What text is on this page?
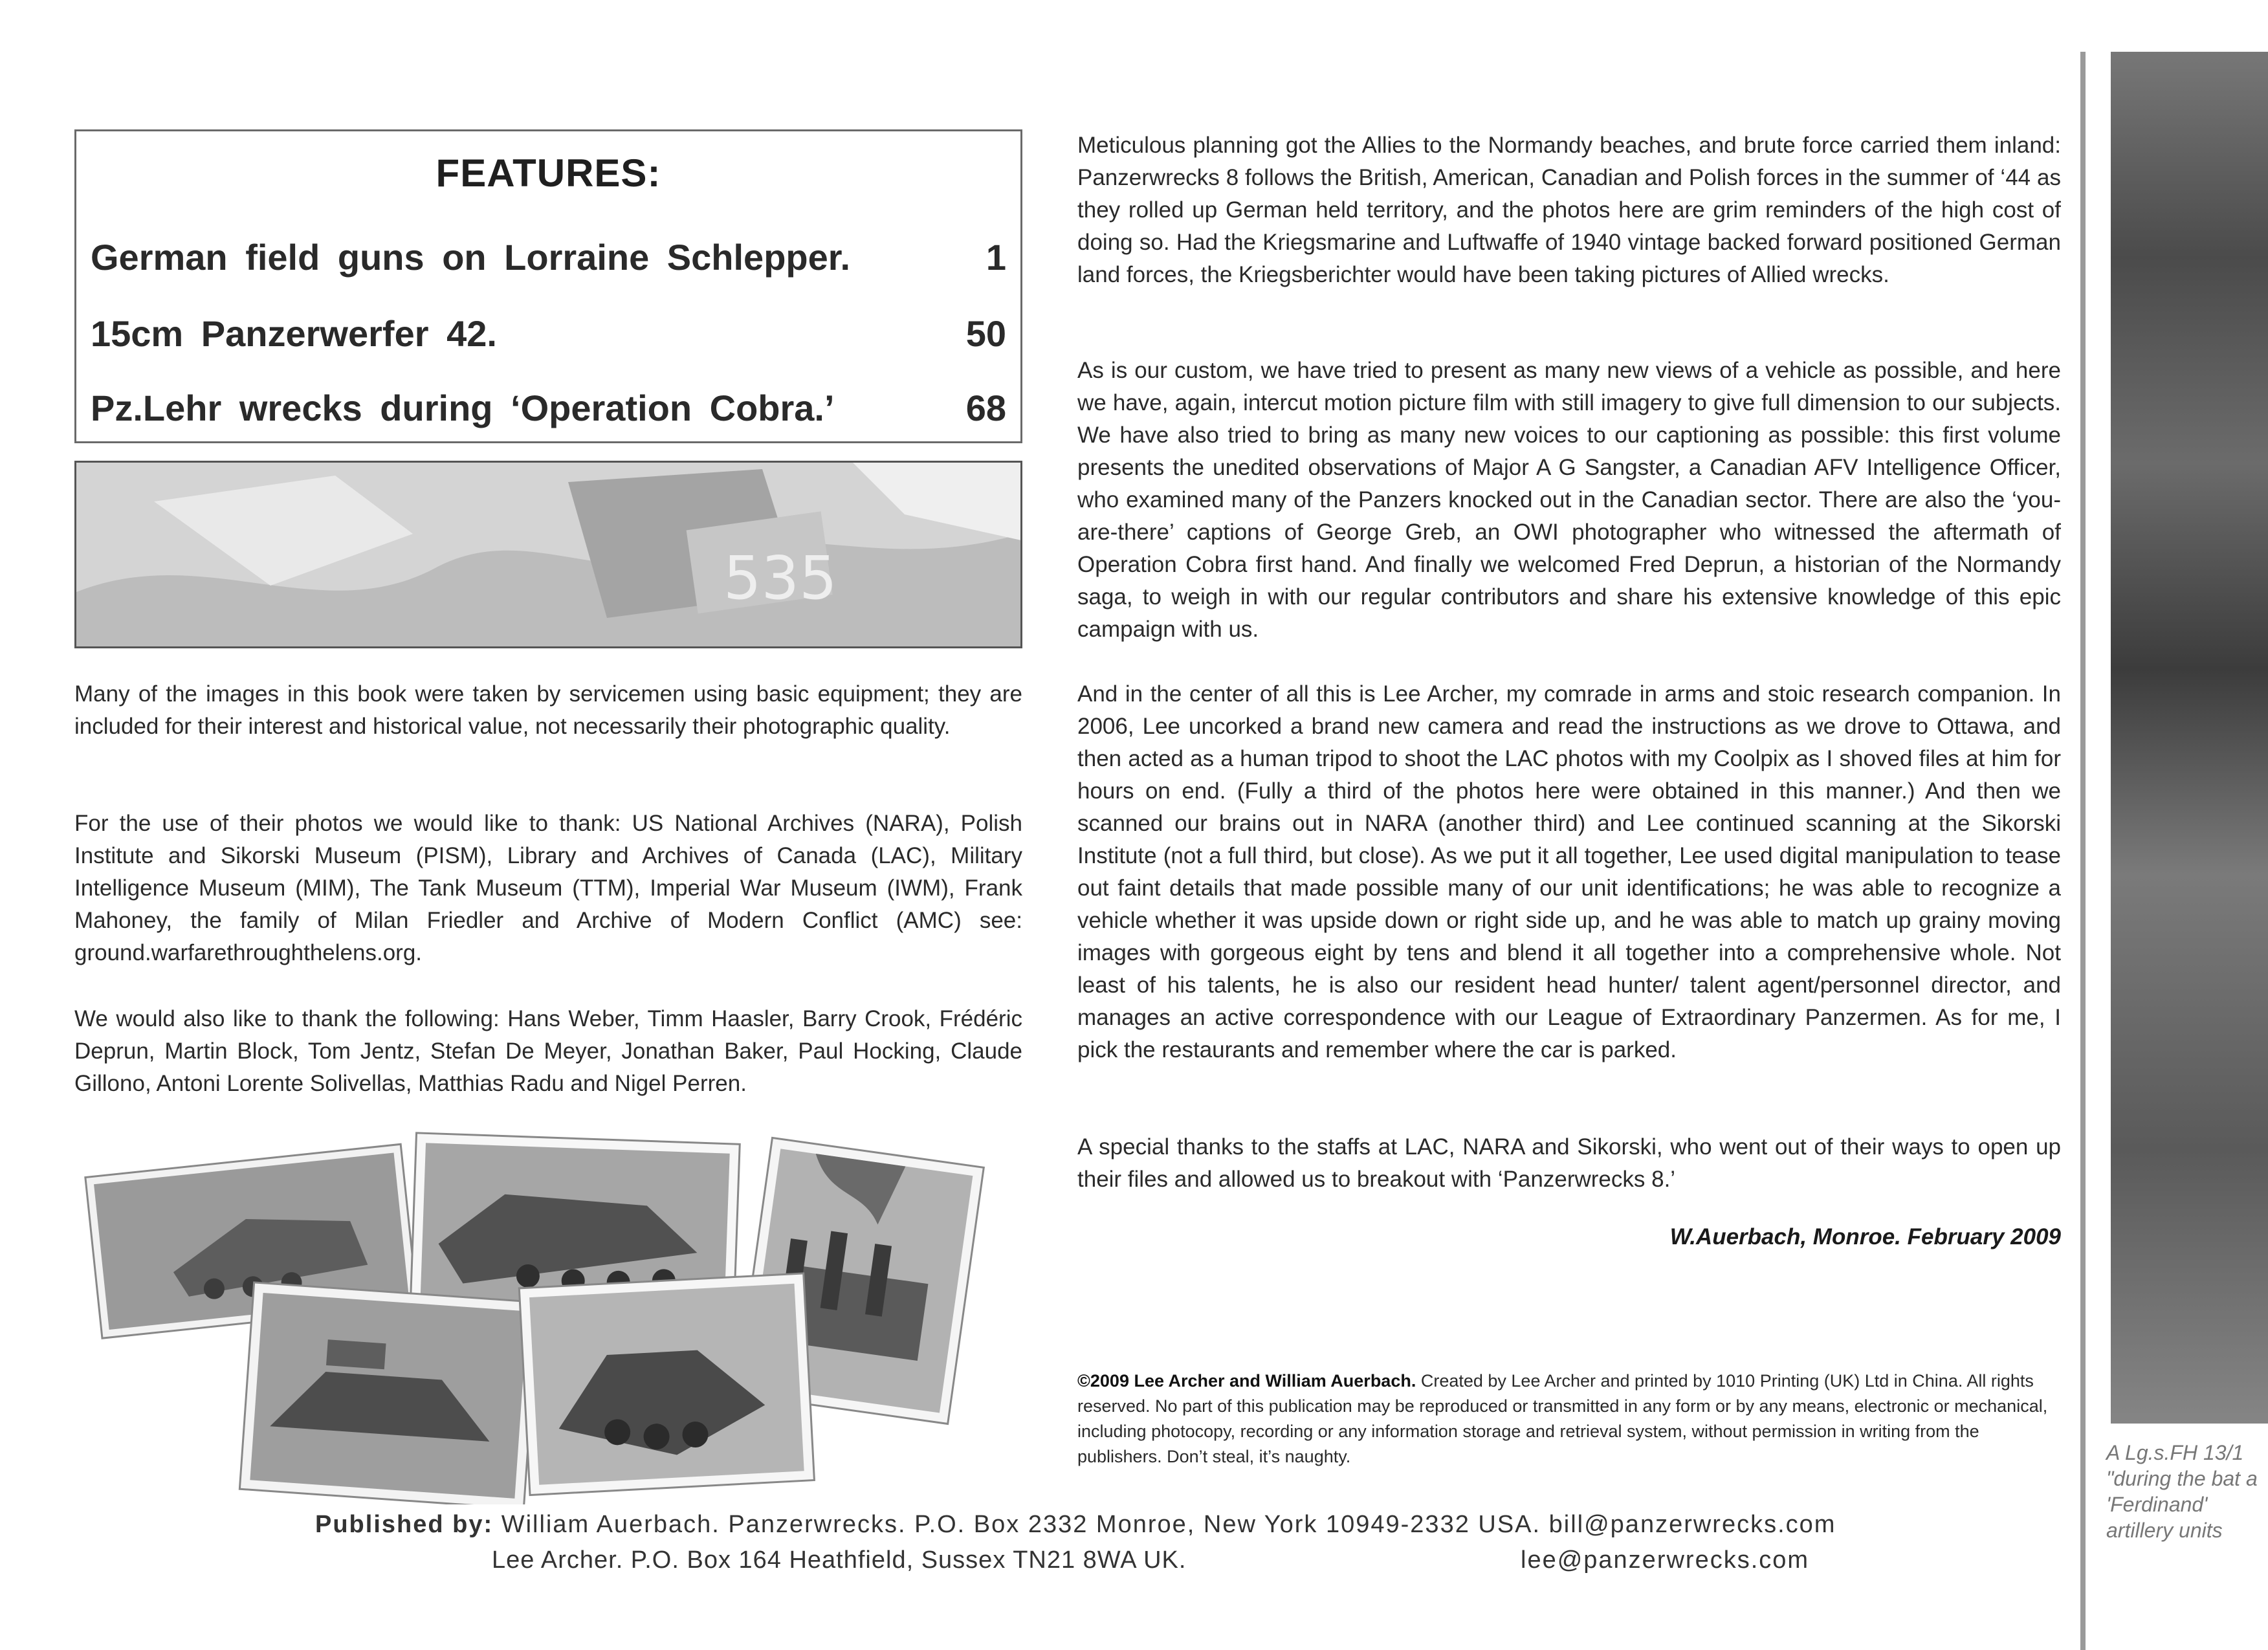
FEATURES:
German field guns on Lorraine Schlepper.	1
15cm Panzerwerfer 42.	50
Pz.Lehr wrecks during ‘Operation Cobra.’	68
535
Many of the images in this book were taken by servicemen using basic equipment; they are included for their interest and historical value, not necessarily their photographic quality.
For the use of their photos we would like to thank: US National Archives (NARA), Polish Institute and Sikorski Museum (PISM), Library and Archives of Canada (LAC), Military Intelligence Museum (MIM), The Tank Museum (TTM), Imperial War Museum (IWM), Frank Mahoney, the family of Milan Friedler and Archive of Modern Conflict (AMC) see: ground.warfarethroughthelens.org.
We would also like to thank the following: Hans Weber, Timm Haasler, Barry Crook, Frédéric Deprun, Martin Block, Tom Jentz, Stefan De Meyer, Jonathan Baker, Paul Hocking, Claude Gillono, Antoni Lorente Solivellas, Matthias Radu and Nigel Perren.
Meticulous planning got the Allies to the Normandy beaches, and brute force carried them inland: Panzerwrecks 8 follows the British, American, Canadian and Polish forces in the summer of ‘44 as they rolled up German held territory, and the photos here are grim reminders of the high cost of doing so. Had the Kriegsmarine and Luftwaffe of 1940 vintage backed forward positioned German land forces, the Kriegsberichter would have been taking pictures of Allied wrecks.
As is our custom, we have tried to present as many new views of a vehicle as possible, and here we have, again, intercut motion picture film with still imagery to give full dimension to our subjects. We have also tried to bring as many new voices to our captioning as possible: this first volume presents the unedited observations of Major A G Sangster, a Canadian AFV Intelligence Officer, who examined many of the Panzers knocked out in the Canadian sector. There are also the ‘you-are-there’ captions of George Greb, an OWI photographer who witnessed the aftermath of Operation Cobra first hand. And finally we welcomed Fred Deprun, a historian of the Normandy saga, to weigh in with our regular contributors and share his extensive knowledge of this epic campaign with us.
And in the center of all this is Lee Archer, my comrade in arms and stoic research companion. In 2006, Lee uncorked a brand new camera and read the instructions as we drove to Ottawa, and then acted as a human tripod to shoot the LAC photos with my Coolpix as I shoved files at him for hours on end. (Fully a third of the photos here were obtained in this manner.) And then we scanned our brains out in NARA (another third) and Lee continued scanning at the Sikorski Institute (not a full third, but close). As we put it all together, Lee used digital manipulation to tease out faint details that made possible many of our unit identifications; he was able to recognize a vehicle whether it was upside down or right side up, and he was able to match up grainy moving images with gorgeous eight by tens and blend it all together into a comprehensive whole. Not least of his talents, he is also our resident head hunter/ talent agent/personnel director, and manages an active correspondence with our League of Extraordinary Panzermen. As for me, I pick the restaurants and remember where the car is parked.
A special thanks to the staffs at LAC, NARA and Sikorski, who went out of their ways to open up their files and allowed us to breakout with ‘Panzerwrecks 8.’
W.Auerbach, Monroe. February 2009
©2009 Lee Archer and William Auerbach. Created by Lee Archer and printed by 1010 Printing (UK) Ltd in China. All rights reserved. No part of this publication may be reproduced or transmitted in any form or by any means, electronic or mechanical, including photocopy, recording or any information storage and retrieval system, without permission in writing from the publishers. Don’t steal, it’s naughty.
Published by: William Auerbach. Panzerwrecks. P.O. Box 2332 Monroe, New York 10949-2332 USA. bill@panzerwrecks.com
Lee Archer. P.O. Box 164 Heathfield, Sussex TN21 8WA UK.	lee@panzerwrecks.com
A Lg.s.FH 13/1 "during the bat a 'Ferdinand' artillery units
